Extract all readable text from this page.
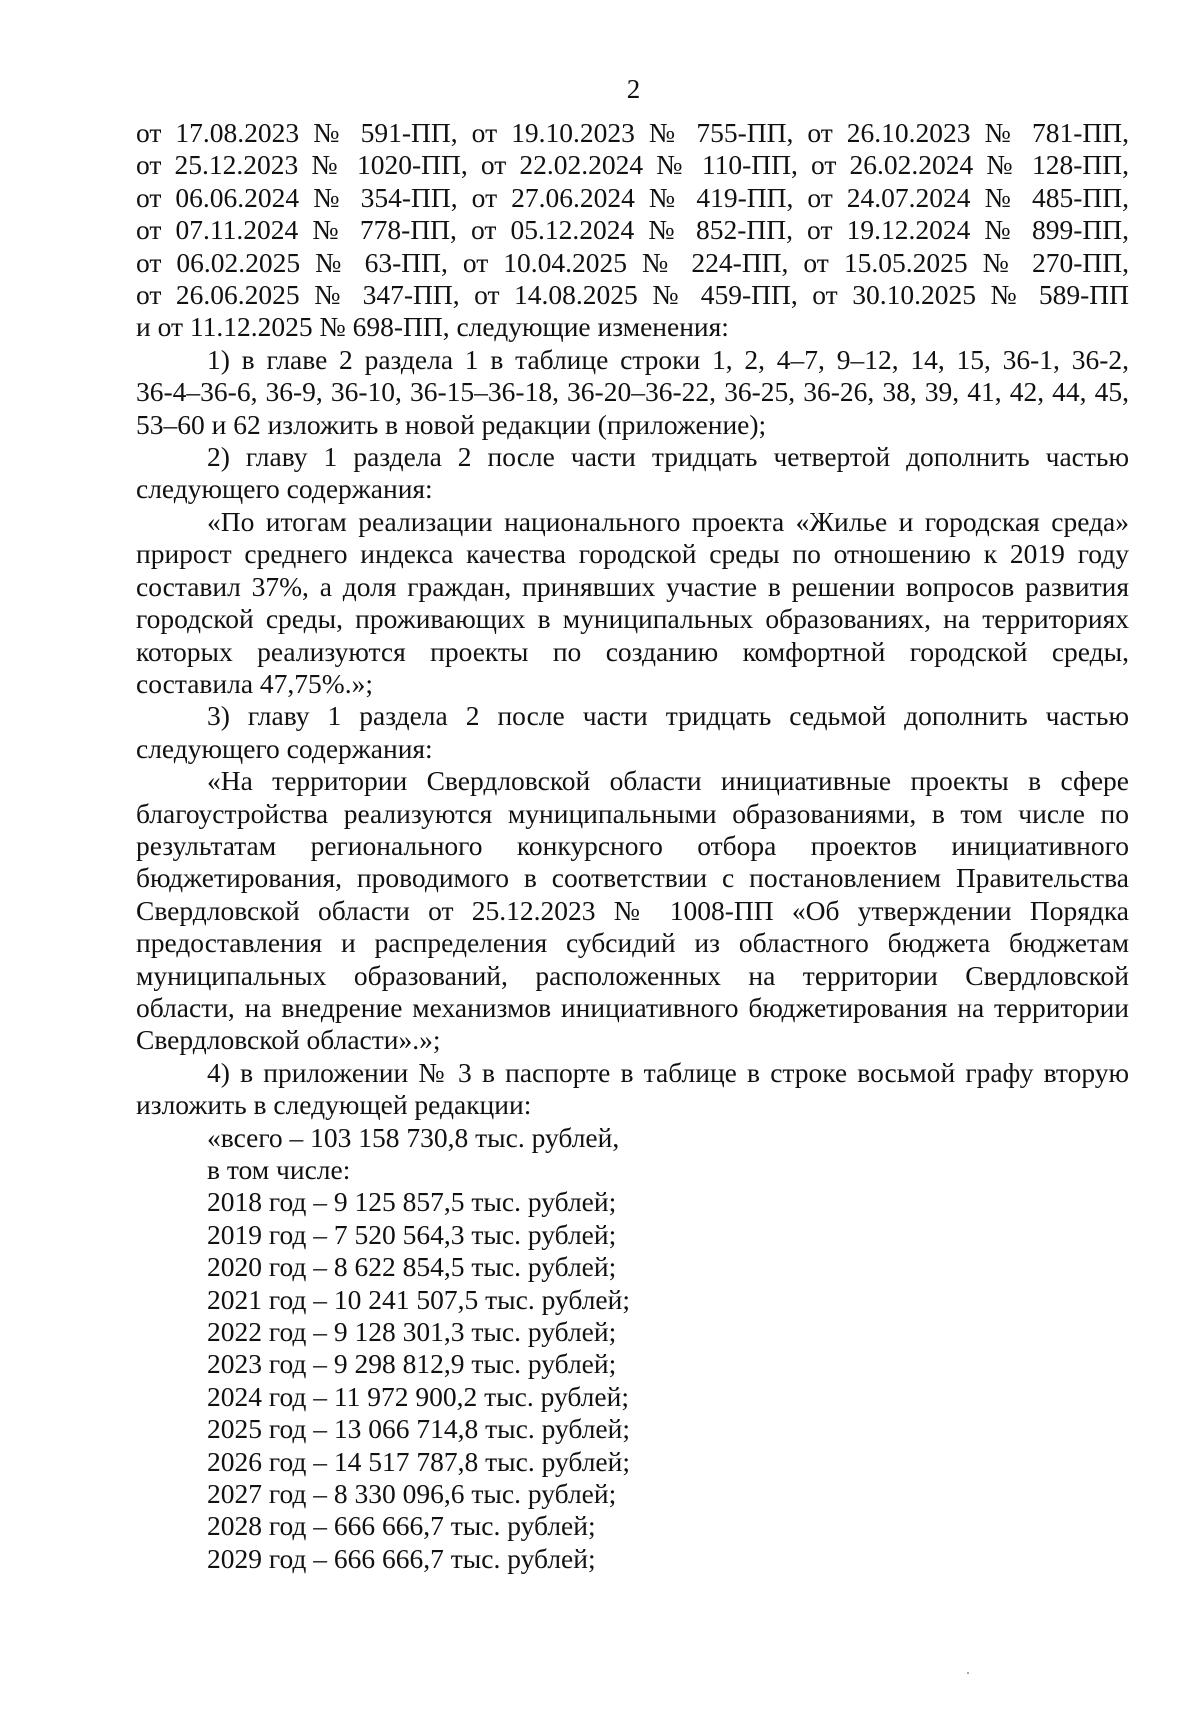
2

от 17.08.2023 № 591-ПП, от 19.10.2023 № 755-ПП, от 26.10.2023 № 781-ПП,

от 25.12.2023 № 1020-ПП, от 22.02.2024 № 110-ПП, от 26.02.2024 № 128-ПП,

от 06.06.2024 № 354-ПП, от 27.06.2024 № 419-ПП, от 24.07.2024 № 485-ПП,

от 07.11.2024 № 778-ПП, от 05.12.2024 № 852-ПП, от 19.12.2024 № 899-ПП,

от 06.02.2025 № 63-ПП, от 10.04.2025 № 224-ПП, от 15.05.2025 № 270-ПП,

от 26.06.2025 № 347-ПП, от 14.08.2025 № 459-ПП, от 30.10.2025 № 589-ПП

и от 11.12.2025 № 698-ПП, следующие изменения:

1) в главе 2 раздела 1 в таблице строки 1, 2, 4–7, 9–12, 14, 15, 36-1, 36-2,

36-4–36-6, 36-9, 36-10, 36-15–36-18, 36-20–36-22, 36-25, 36-26, 38, 39, 41, 42, 44, 45,

53–60 и 62 изложить в новой редакции (приложение);

2) главу 1 раздела 2 после части тридцать четвертой дополнить частью

следующего содержания:

«По итогам реализации национального проекта «Жилье и городская среда»

прирост среднего индекса качества городской среды по отношению к 2019 году

составил 37%, а доля граждан, принявших участие в решении вопросов развития

городской среды, проживающих в муниципальных образованиях, на территориях

которых реализуются проекты по созданию комфортной городской среды,

составила 47,75%.»;

3) главу 1 раздела 2 после части тридцать седьмой дополнить частью

следующего содержания:

«На территории Свердловской области инициативные проекты в сфере

благоустройства реализуются муниципальными образованиями, в том числе по

результатам регионального конкурсного отбора проектов инициативного

бюджетирования, проводимого в соответствии с постановлением Правительства

Свердловской области от 25.12.2023 № 1008-ПП «Об утверждении Порядка

предоставления и распределения субсидий из областного бюджета бюджетам

муниципальных образований, расположенных на территории Свердловской

области, на внедрение механизмов инициативного бюджетирования на территории

Свердловской области».»;

4) в приложении № 3 в паспорте в таблице в строке восьмой графу вторую

изложить в следующей редакции:

«всего – 103 158 730,8 тыс. рублей,

в том числе:

2018 год – 9 125 857,5 тыс. рублей;

2019 год – 7 520 564,3 тыс. рублей;

2020 год – 8 622 854,5 тыс. рублей;

2021 год – 10 241 507,5 тыс. рублей;

2022 год – 9 128 301,3 тыс. рублей;

2023 год – 9 298 812,9 тыс. рублей;

2024 год – 11 972 900,2 тыс. рублей;

2025 год – 13 066 714,8 тыс. рублей;

2026 год – 14 517 787,8 тыс. рублей;

2027 год – 8 330 096,6 тыс. рублей;

2028 год – 666 666,7 тыс. рублей;

2029 год – 666 666,7 тыс. рублей;
